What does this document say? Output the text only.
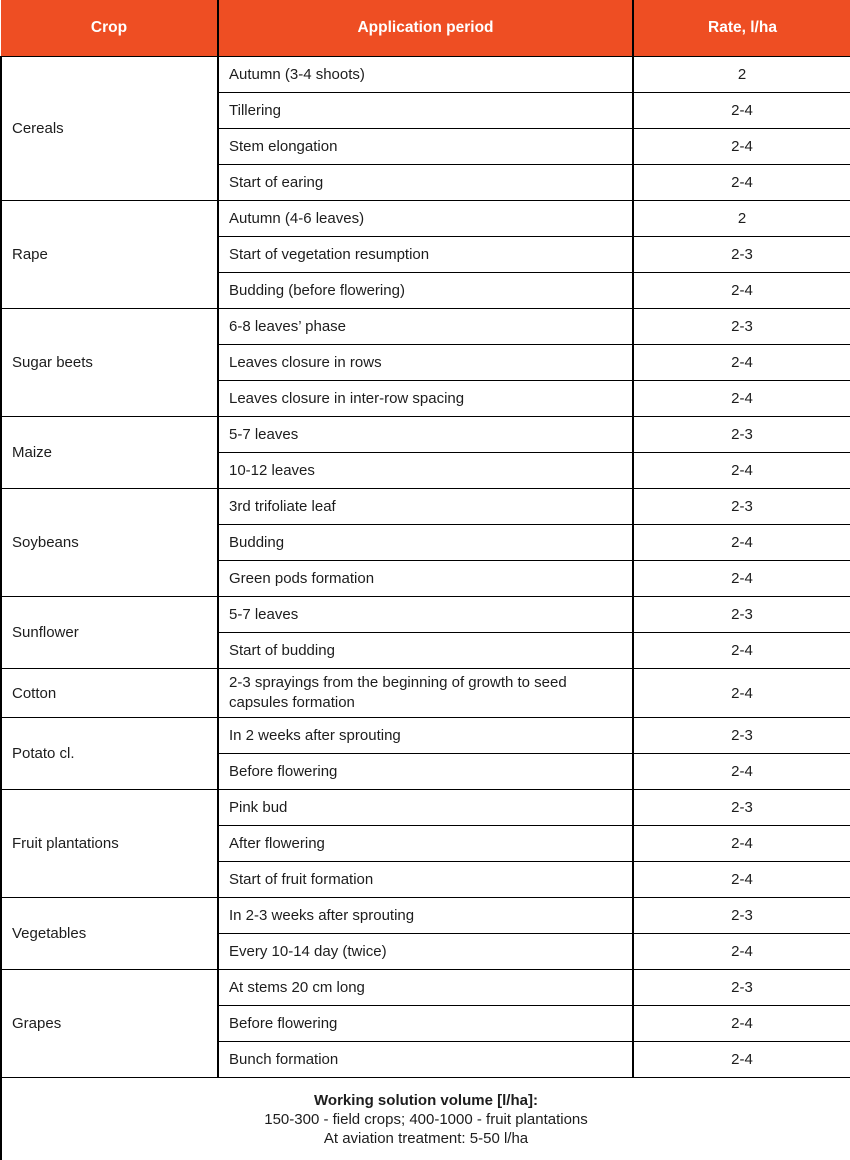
Crop	Application period	Rate, l/ha
Cereals	Autumn (3-4 shoots)	2
	Tillering	2-4
	Stem elongation	2-4
	Start of earing	2-4
Rape	Autumn (4-6 leaves)	2
	Start of vegetation resumption	2-3
	Budding (before flowering)	2-4
Sugar beets	6-8 leaves’ phase	2-3
	Leaves closure in rows	2-4
	Leaves closure in inter-row spacing	2-4
Maize	5-7 leaves	2-3
	10-12 leaves	2-4
Soybeans	3rd trifoliate leaf	2-3
	Budding	2-4
	Green pods formation	2-4
Sunflower	5-7 leaves	2-3
	Start of budding	2-4
Cotton	2-3 sprayings from the beginning of growth to seed capsules formation	2-4
Potato cl.	In 2 weeks after sprouting	2-3
	Before flowering	2-4
Fruit plantations	Pink bud	2-3
	After flowering	2-4
	Start of fruit formation	2-4
Vegetables	In 2-3 weeks after sprouting	2-3
	Every 10-14 day (twice)	2-4
Grapes	At stems 20 cm long	2-3
	Before flowering	2-4
	Bunch formation	2-4

Working solution volume [l/ha]:
150-300 - field crops; 400-1000 - fruit plantations
At aviation treatment: 5-50 l/ha		
